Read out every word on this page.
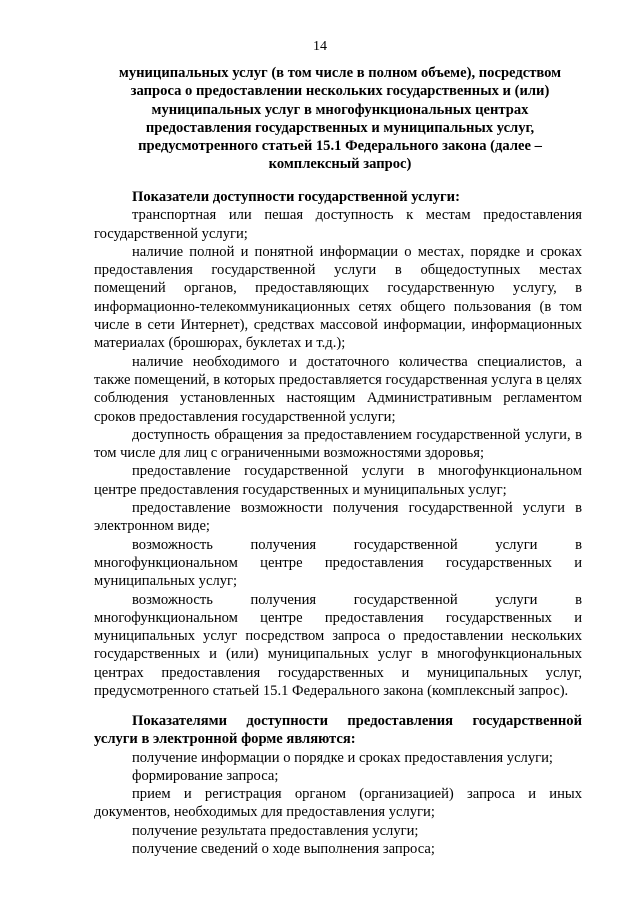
14
муниципальных услуг (в том числе в полном объеме), посредством
запроса о предоставлении нескольких государственных и (или)
муниципальных услуг в многофункциональных центрах
предоставления государственных и муниципальных услуг,
предусмотренного статьей 15.1 Федерального закона (далее –
комплексный запрос)

Показатели доступности государственной услуги:

транспортная или пешая доступность к местам предоставления государственной услуги;

наличие полной и понятной информации о местах, порядке и сроках предоставления государственной услуги в общедоступных местах помещений органов, предоставляющих государственную услугу, в информационно-телекоммуникационных сетях общего пользования (в том числе в сети Интернет), средствах массовой информации, информационных материалах (брошюрах, буклетах и т.д.);

наличие необходимого и достаточного количества специалистов, а также помещений, в которых предоставляется государственная услуга в целях соблюдения установленных настоящим Административным регламентом сроков предоставления государственной услуги;

доступность обращения за предоставлением государственной услуги, в том числе для лиц с ограниченными возможностями здоровья;

предоставление государственной услуги в многофункциональном центре предоставления государственных и муниципальных услуг;

предоставление возможности получения государственной услуги в электронном виде;

возможность получения государственной услуги в многофункциональном центре предоставления государственных и муниципальных услуг;

возможность получения государственной услуги в многофункциональном центре предоставления государственных и муниципальных услуг посредством запроса о предоставлении нескольких государственных и (или) муниципальных услуг в многофункциональных центрах предоставления государственных и муниципальных услуг, предусмотренного статьей 15.1 Федерального закона (комплексный запрос).

Показателями доступности предоставления государственной услуги в электронной форме являются:

получение информации о порядке и сроках предоставления услуги;

формирование запроса;

прием и регистрация органом (организацией) запроса и иных документов, необходимых для предоставления услуги;

получение результата предоставления услуги;

получение сведений о ходе выполнения запроса;
